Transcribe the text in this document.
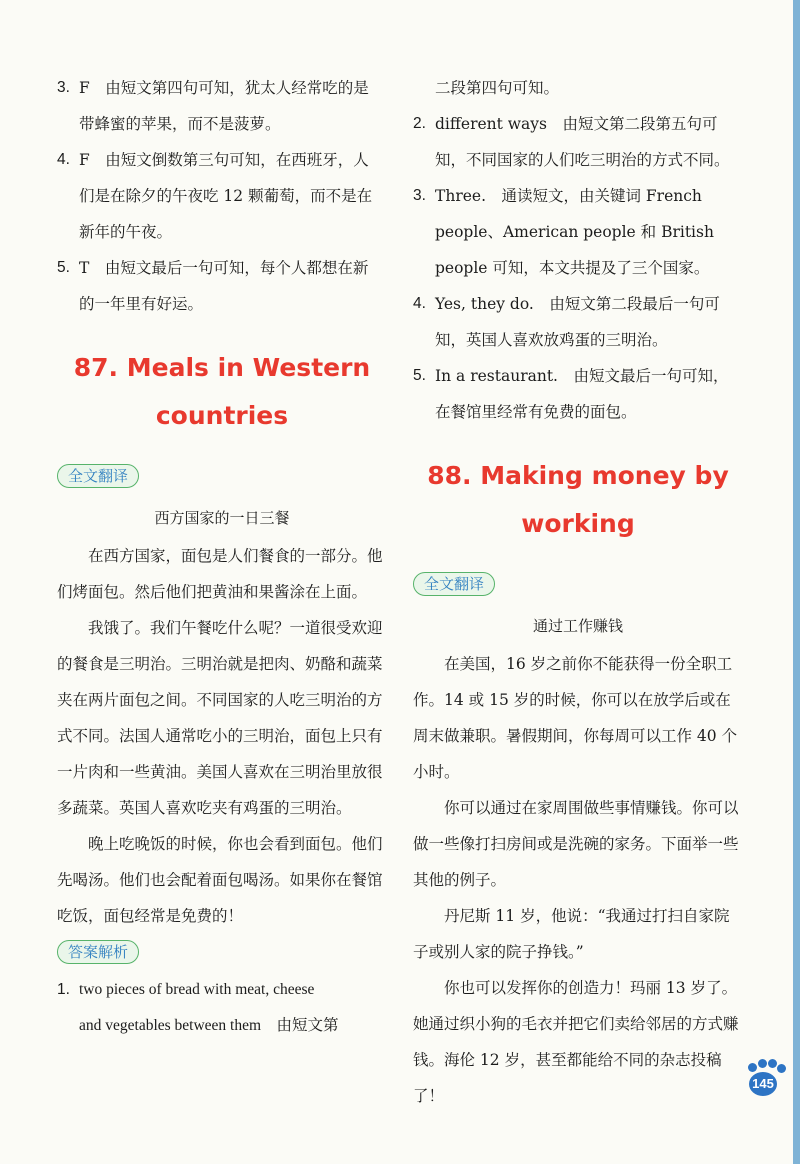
3. F　由短文第四句可知，犹太人经常吃的是
带蜂蜜的苹果，而不是菠萝。
4. F　由短文倒数第三句可知，在西班牙，人
们是在除夕的午夜吃 12 颗葡萄，而不是在
新年的午夜。
5. T　由短文最后一句可知，每个人都想在新
的一年里有好运。
87. Meals in Western
countries
全文翻译
西方国家的一日三餐

在西方国家，面包是人们餐食的一部分。他们烤面包。然后他们把黄油和果酱涂在上面。

我饿了。我们午餐吃什么呢？一道很受欢迎的餐食是三明治。三明治就是把肉、奶酪和蔬菜夹在两片面包之间。不同国家的人吃三明治的方式不同。法国人通常吃小的三明治，面包上只有一片肉和一些黄油。美国人喜欢在三明治里放很多蔬菜。英国人喜欢吃夹有鸡蛋的三明治。

晚上吃晚饭的时候，你也会看到面包。他们先喝汤。他们也会配着面包喝汤。如果你在餐馆吃饭，面包经常是免费的！

答案解析
1. two pieces of bread with meat, cheese
and vegetables between them　由短文第
二段第四句可知。
2. different ways　由短文第二段第五句可
知，不同国家的人们吃三明治的方式不同。
3. Three.　通读短文，由关键词 French
people、American people 和 British
people 可知，本文共提及了三个国家。
4. Yes, they do.　由短文第二段最后一句可
知，英国人喜欢放鸡蛋的三明治。
5. In a restaurant.　由短文最后一句可知，
在餐馆里经常有免费的面包。
88. Making money by
working
全文翻译
通过工作赚钱

在美国，16 岁之前你不能获得一份全职工作。14 或 15 岁的时候，你可以在放学后或在周末做兼职。暑假期间，你每周可以工作 40 个小时。

你可以通过在家周围做些事情赚钱。你可以做一些像打扫房间或是洗碗的家务。下面举一些其他的例子。

丹尼斯 11 岁，他说：“我通过打扫自家院子或别人家的院子挣钱。”

你也可以发挥你的创造力！玛丽 13 岁了。她通过织小狗的毛衣并把它们卖给邻居的方式赚钱。海伦 12 岁，甚至都能给不同的杂志投稿了！

145
